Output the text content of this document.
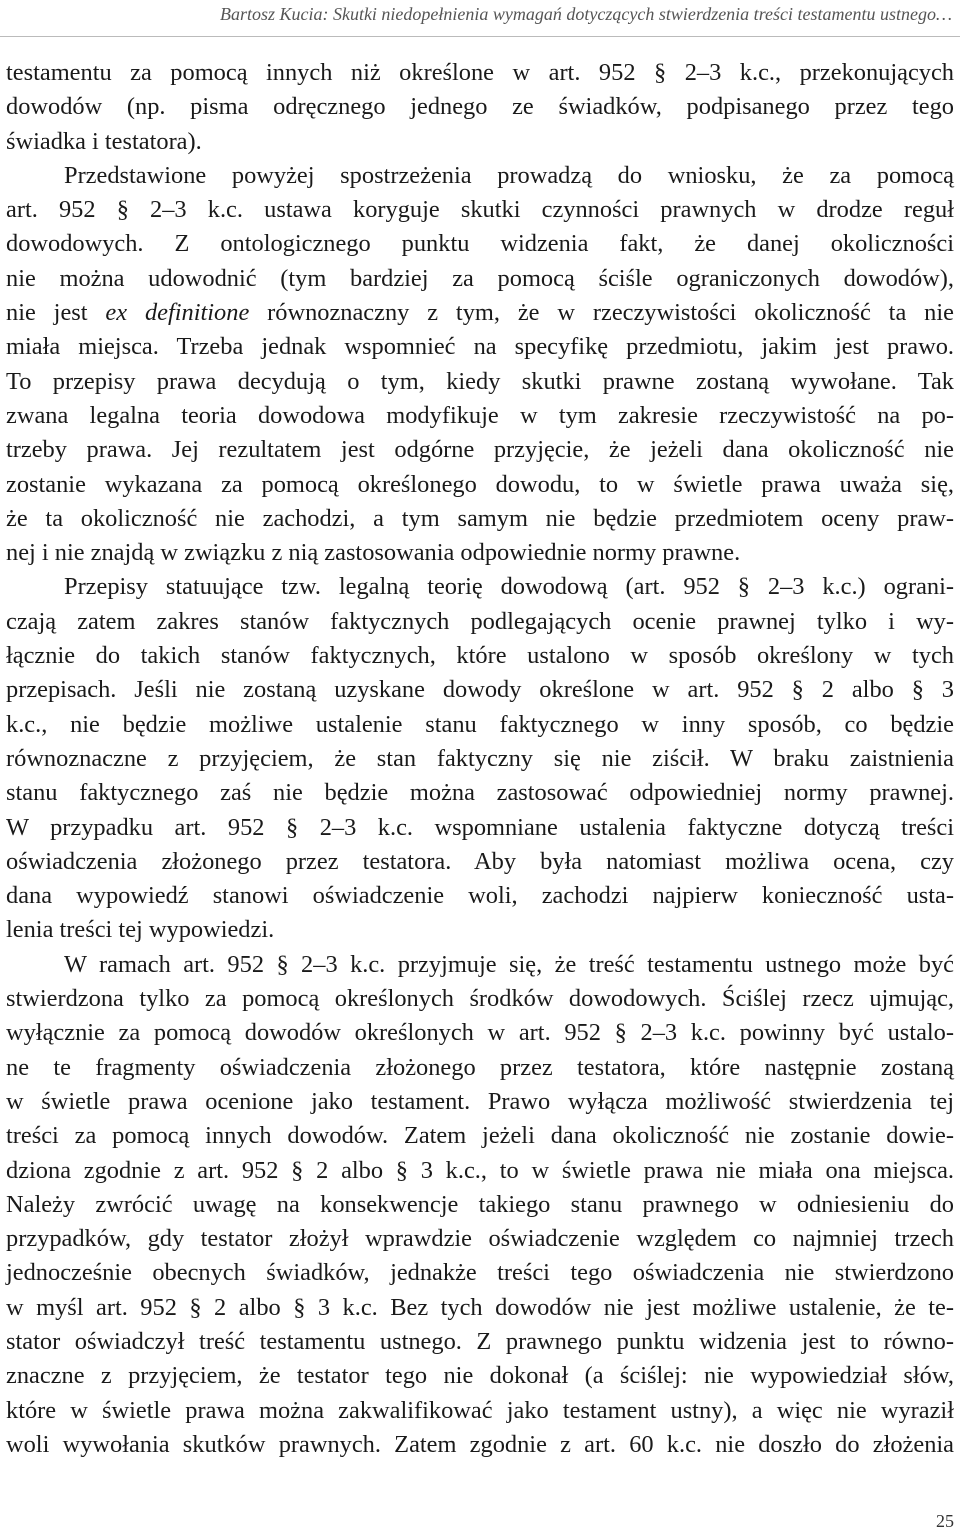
Bartosz Kucia: Skutki niedopełnienia wymagań dotyczących stwierdzenia treści testamentu ustnego…
testamentu za pomocą innych niż określone w art. 952 § 2–3 k.c., przekonujących
dowodów (np. pisma odręcznego jednego ze świadków, podpisanego przez tego
świadka i testatora).
Przedstawione powyżej spostrzeżenia prowadzą do wniosku, że za pomocą
art. 952 § 2–3 k.c. ustawa koryguje skutki czynności prawnych w drodze reguł
dowodowych. Z ontologicznego punktu widzenia fakt, że danej okoliczności
nie można udowodnić (tym bardziej za pomocą ściśle ograniczonych dowodów),
nie jest ex definitione równoznaczny z tym, że w rzeczywistości okoliczność ta nie
miała miejsca. Trzeba jednak wspomnieć na specyfikę przedmiotu, jakim jest prawo.
To przepisy prawa decydują o tym, kiedy skutki prawne zostaną wywołane. Tak
zwana legalna teoria dowodowa modyfikuje w tym zakresie rzeczywistość na po-
trzeby prawa. Jej rezultatem jest odgórne przyjęcie, że jeżeli dana okoliczność nie
zostanie wykazana za pomocą określonego dowodu, to w świetle prawa uważa się,
że ta okoliczność nie zachodzi, a tym samym nie będzie przedmiotem oceny praw-
nej i nie znajdą w związku z nią zastosowania odpowiednie normy prawne.
Przepisy statuujące tzw. legalną teorię dowodową (art. 952 § 2–3 k.c.) ograni-
czają zatem zakres stanów faktycznych podlegających ocenie prawnej tylko i wy-
łącznie do takich stanów faktycznych, które ustalono w sposób określony w tych
przepisach. Jeśli nie zostaną uzyskane dowody określone w art. 952 § 2 albo § 3
k.c., nie będzie możliwe ustalenie stanu faktycznego w inny sposób, co będzie
równoznaczne z przyjęciem, że stan faktyczny się nie ziścił. W braku zaistnienia
stanu faktycznego zaś nie będzie można zastosować odpowiedniej normy prawnej.
W przypadku art. 952 § 2–3 k.c. wspomniane ustalenia faktyczne dotyczą treści
oświadczenia złożonego przez testatora. Aby była natomiast możliwa ocena, czy
dana wypowiedź stanowi oświadczenie woli, zachodzi najpierw konieczność usta-
lenia treści tej wypowiedzi.
W ramach art. 952 § 2–3 k.c. przyjmuje się, że treść testamentu ustnego może być
stwierdzona tylko za pomocą określonych środków dowodowych. Ściślej rzecz ujmując,
wyłącznie za pomocą dowodów określonych w art. 952 § 2–3 k.c. powinny być ustalo-
ne te fragmenty oświadczenia złożonego przez testatora, które następnie zostaną
w świetle prawa ocenione jako testament. Prawo wyłącza możliwość stwierdzenia tej
treści za pomocą innych dowodów. Zatem jeżeli dana okoliczność nie zostanie dowie-
dziona zgodnie z art. 952 § 2 albo § 3 k.c., to w świetle prawa nie miała ona miejsca.
Należy zwrócić uwagę na konsekwencje takiego stanu prawnego w odniesieniu do
przypadków, gdy testator złożył wprawdzie oświadczenie względem co najmniej trzech
jednocześnie obecnych świadków, jednakże treści tego oświadczenia nie stwierdzono
w myśl art. 952 § 2 albo § 3 k.c. Bez tych dowodów nie jest możliwe ustalenie, że te-
stator oświadczył treść testamentu ustnego. Z prawnego punktu widzenia jest to równo-
znaczne z przyjęciem, że testator tego nie dokonał (a ściślej: nie wypowiedział słów,
które w świetle prawa można zakwalifikować jako testament ustny), a więc nie wyraził
woli wywołania skutków prawnych. Zatem zgodnie z art. 60 k.c. nie doszło do złożenia
25
